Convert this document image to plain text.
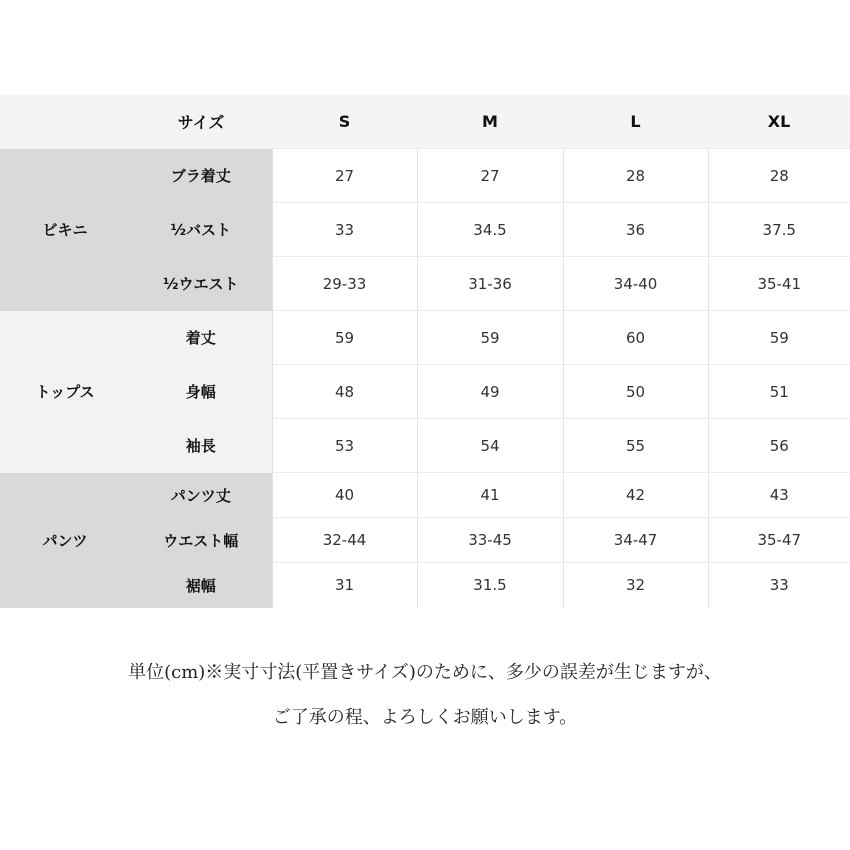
	サイズ	S	M	L	XL
ビキニ	ブラ着丈	27	27	28	28
	½バスト	33	34.5	36	37.5
	½ウエスト	29-33	31-36	34-40	35-41
トップス	着丈	59	59	60	59
	身幅	48	49	50	51
	袖長	53	54	55	56
パンツ	パンツ丈	40	41	42	43
	ウエスト幅	32-44	33-45	34-47	35-47
	裾幅	31	31.5	32	33

単位(cm)※実寸寸法(平置きサイズ)のために、多少の誤差が生じますが、

ご了承の程、よろしくお願いします。
